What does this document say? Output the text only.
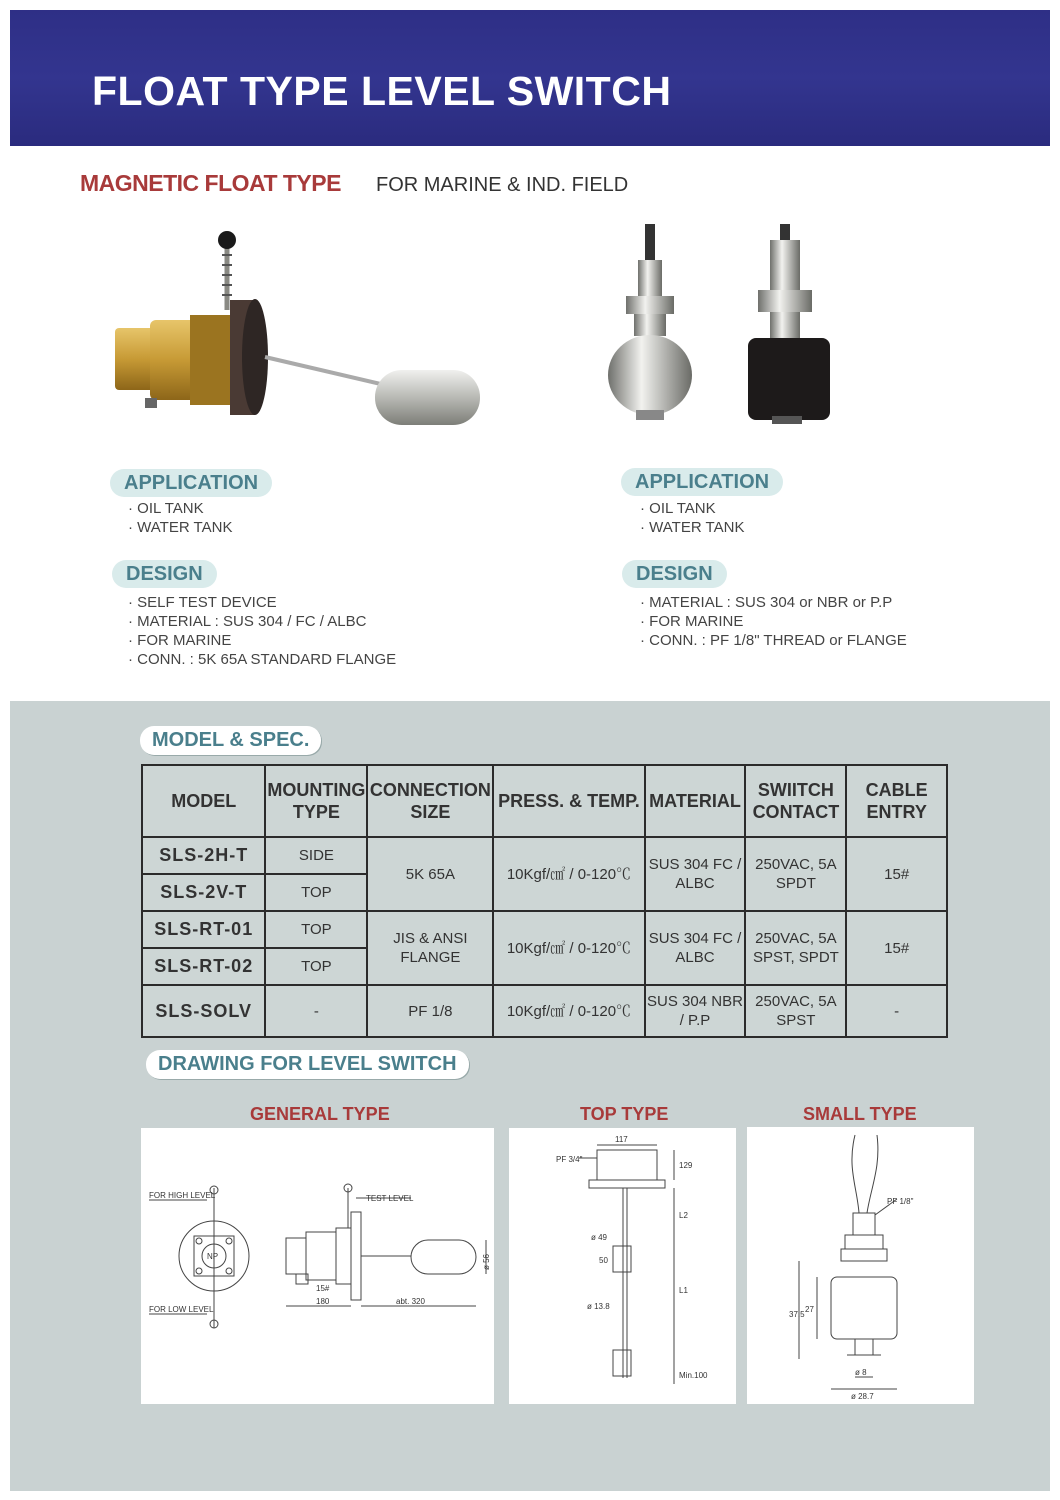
FLOAT TYPE LEVEL SWITCH
MAGNETIC FLOAT TYPE FOR MARINE & IND. FIELD
APPLICATION
· OIL TANK
· WATER TANK
DESIGN
· SELF TEST DEVICE
· MATERIAL : SUS 304 / FC / ALBC
· FOR MARINE
· CONN. : 5K 65A STANDARD FLANGE
APPLICATION
· OIL TANK
· WATER TANK
DESIGN
· MATERIAL : SUS 304 or NBR or P.P
· FOR MARINE
· CONN. : PF 1/8" THREAD or FLANGE
MODEL & SPEC.
MODEL	MOUNTING TYPE	CONNECTION SIZE	PRESS. & TEMP.	MATERIAL	SWIITCH CONTACT	CABLE ENTRY
SLS-2H-T	SIDE	5K 65A	10Kgf/㎠ / 0-120℃	SUS 304 FC / ALBC	250VAC, 5A SPDT	15#
SLS-2V-T	TOP					
SLS-RT-01	TOP	JIS & ANSI FLANGE	10Kgf/㎠ / 0-120℃	SUS 304 FC / ALBC	250VAC, 5A SPST, SPDT	15#
SLS-RT-02	TOP					
SLS-SOLV	-	PF 1/8	10Kgf/㎠ / 0-120℃	SUS 304 NBR / P.P	250VAC, 5A SPST	-
DRAWING FOR LEVEL SWITCH
GENERAL TYPE	TOP TYPE	SMALL TYPE
FOR HIGH LEVEL
FOR LOW LEVEL
TEST LEVEL
15#
180	abt. 320
ø 56
NP
PF 3/4"
117
129
L2
L1
ø 49
50
ø 13.8
Min.100
PF 1/8"
37.5
27
ø 8
ø 28.7
